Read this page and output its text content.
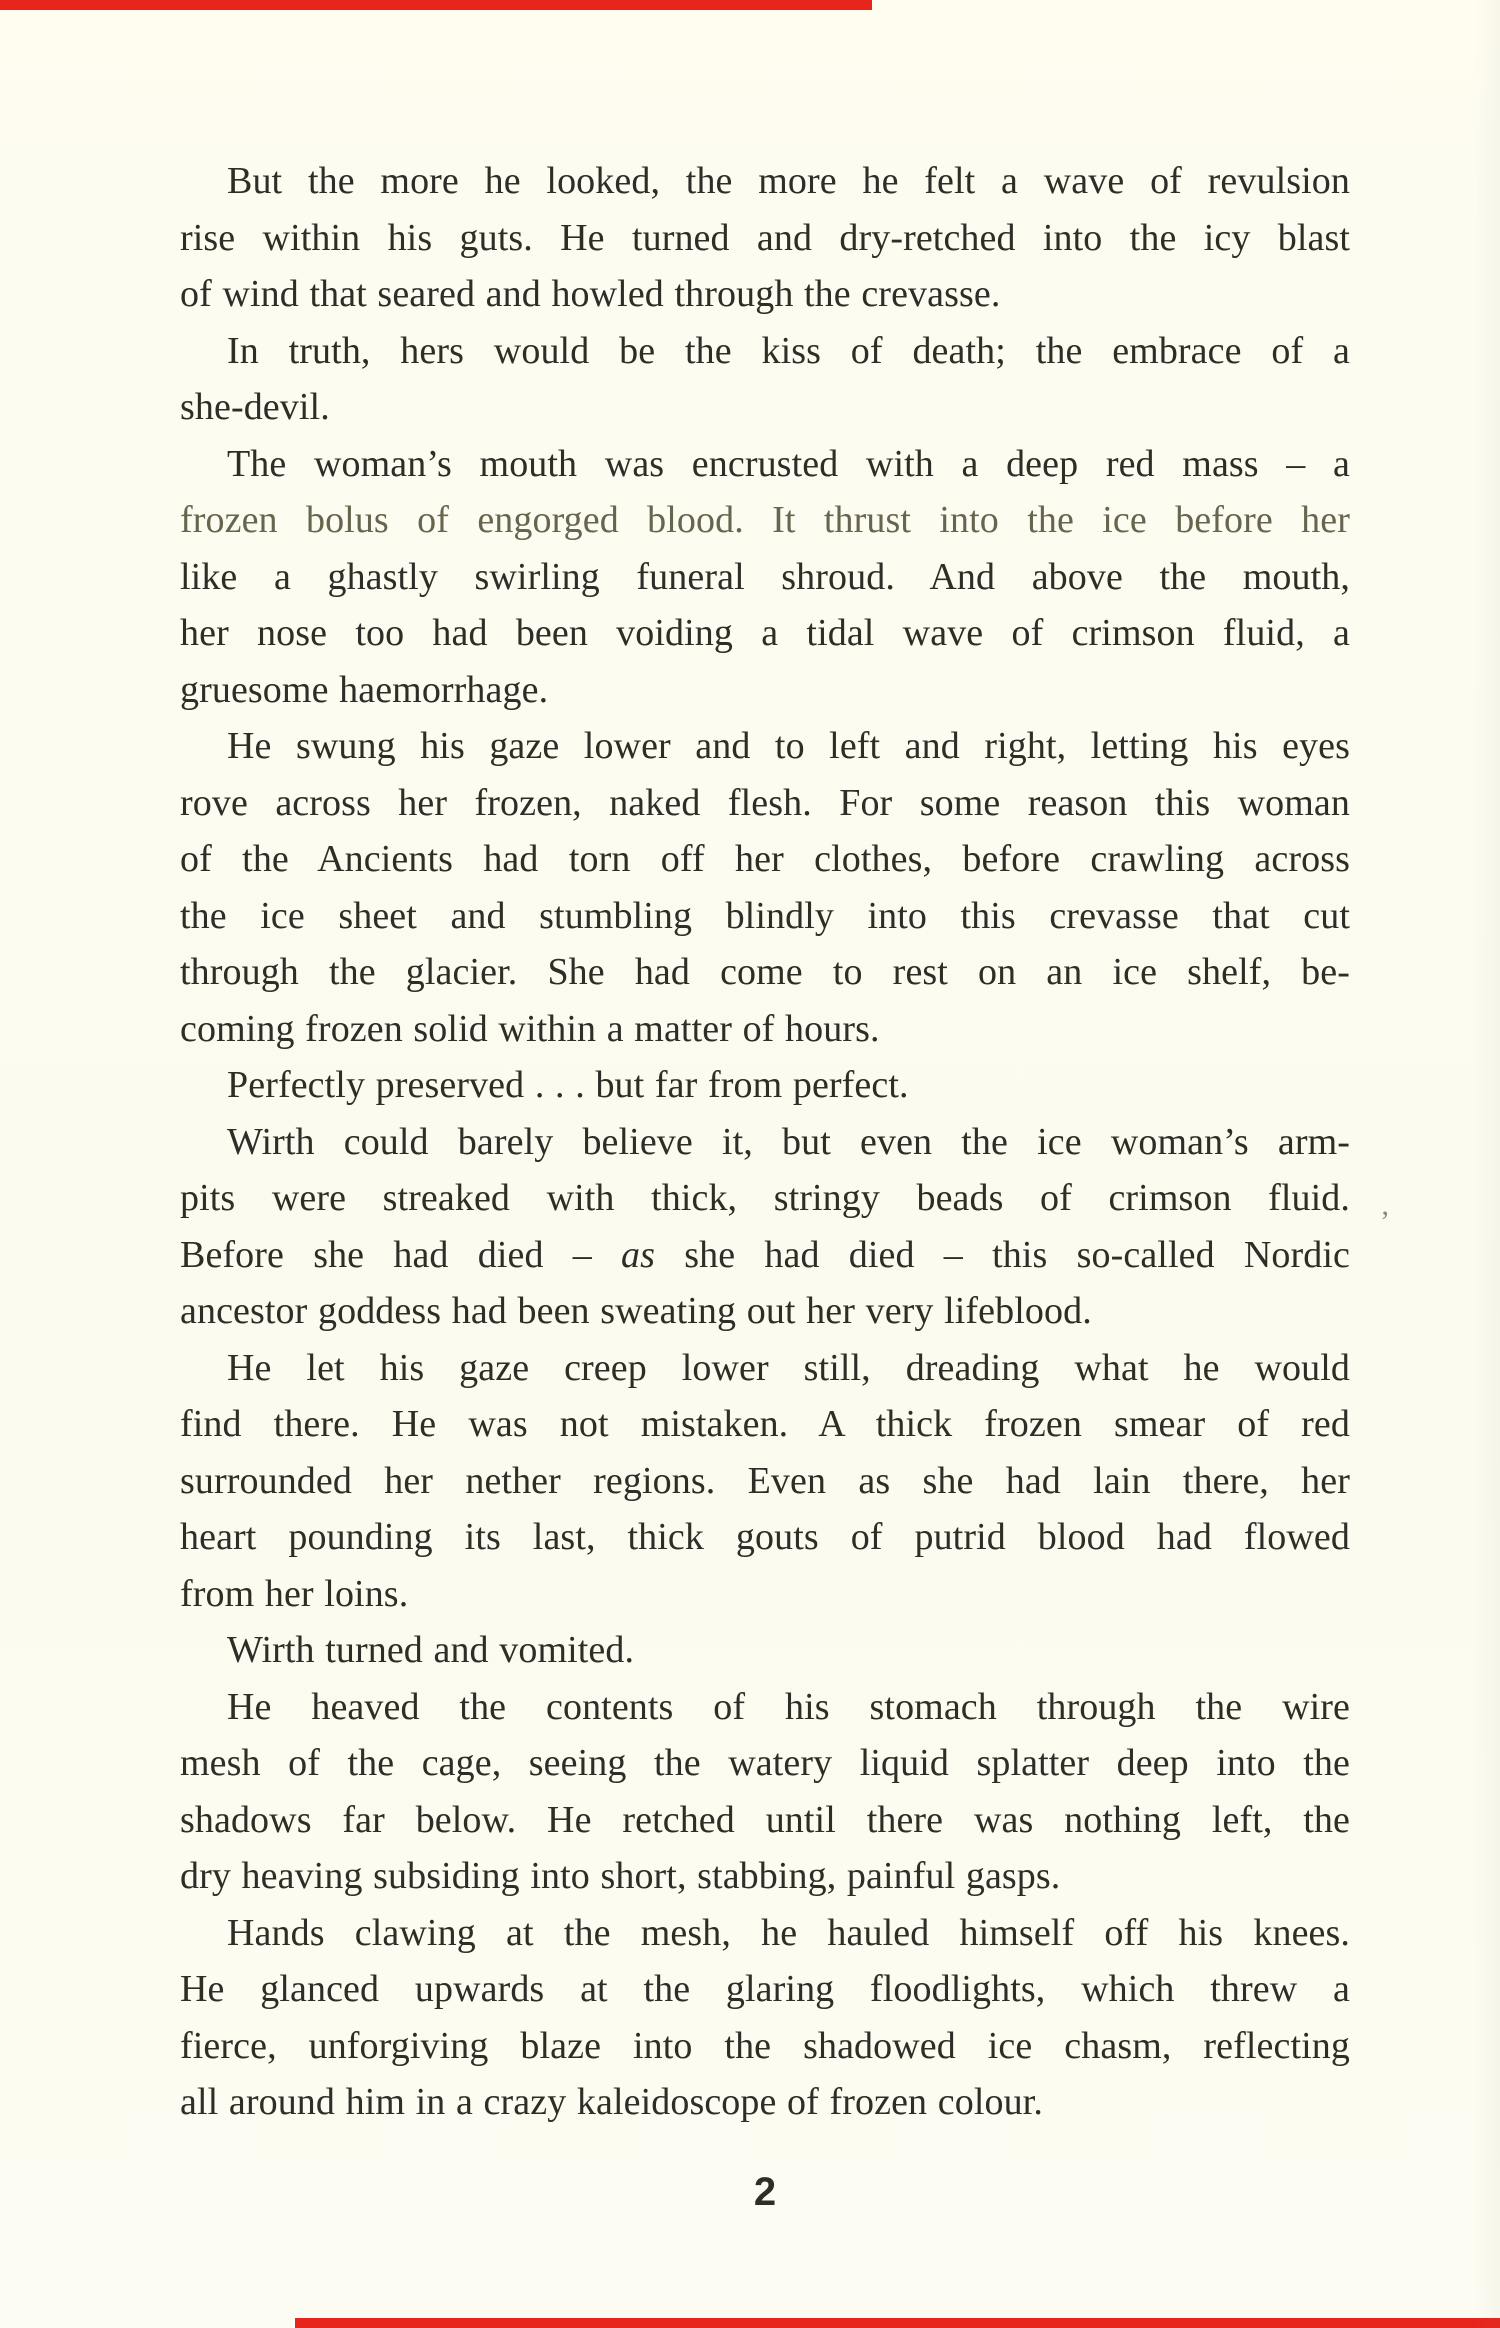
But the more he looked, the more he felt a wave of revulsion
rise within his guts. He turned and dry-retched into the icy blast
of wind that seared and howled through the crevasse.
In truth, hers would be the kiss of death; the embrace of a
she-devil.
The woman’s mouth was encrusted with a deep red mass – a
frozen bolus of engorged blood. It thrust into the ice before her
like a ghastly swirling funeral shroud. And above the mouth,
her nose too had been voiding a tidal wave of crimson fluid, a
gruesome haemorrhage.
He swung his gaze lower and to left and right, letting his eyes
rove across her frozen, naked flesh. For some reason this woman
of the Ancients had torn off her clothes, before crawling across
the ice sheet and stumbling blindly into this crevasse that cut
through the glacier. She had come to rest on an ice shelf, be-
coming frozen solid within a matter of hours.
Perfectly preserved . . . but far from perfect.
Wirth could barely believe it, but even the ice woman’s arm-
pits were streaked with thick, stringy beads of crimson fluid.
Before she had died – as she had died – this so-called Nordic
ancestor goddess had been sweating out her very lifeblood.
He let his gaze creep lower still, dreading what he would
find there. He was not mistaken. A thick frozen smear of red
surrounded her nether regions. Even as she had lain there, her
heart pounding its last, thick gouts of putrid blood had flowed
from her loins.
Wirth turned and vomited.
He heaved the contents of his stomach through the wire
mesh of the cage, seeing the watery liquid splatter deep into the
shadows far below. He retched until there was nothing left, the
dry heaving subsiding into short, stabbing, painful gasps.
Hands clawing at the mesh, he hauled himself off his knees.
He glanced upwards at the glaring floodlights, which threw a
fierce, unforgiving blaze into the shadowed ice chasm, reflecting
all around him in a crazy kaleidoscope of frozen colour.
2
’
